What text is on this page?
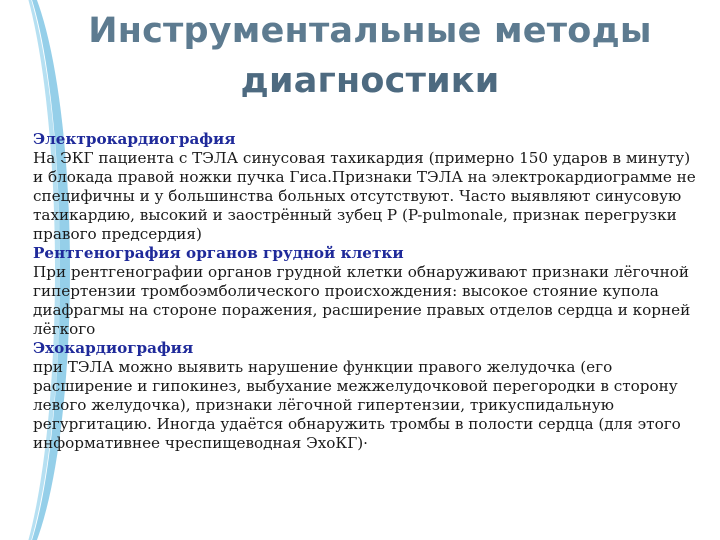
Инструментальные методы
диагностики
Электрокардиография
На ЭКГ пациента с ТЭЛА синусовая тахикардия (примерно 150 ударов в минуту) и блокада правой ножки пучка Гиса.Признаки ТЭЛА на электрокардиограмме не специфичны и у большинства больных отсутствуют. Часто выявляют синусовую тахикардию, высокий и заострённый зубец P (P-pulmonale, признак перегрузки правого предсердия)
Рентгенография органов грудной клетки
При рентгенографии органов грудной клетки обнаруживают признаки лёгочной гипертензии тромбоэмболического происхождения: высокое стояние купола диафрагмы на стороне поражения, расширение правых отделов сердца и корней лёгкого
Эхокардиография
при ТЭЛА можно выявить нарушение функции правого желудочка (его расширение и гипокинез, выбухание межжелудочковой перегородки в сторону левого желудочка), признаки лёгочной гипертензии, трикуспидальную регургитацию. Иногда удаётся обнаружить тромбы в полости сердца (для этого информативнее чреспищеводная ЭхоКГ)·
